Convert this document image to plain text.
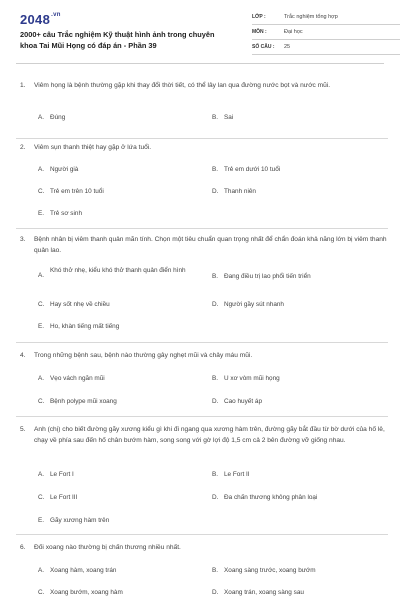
$2048^{.vn}$
2000+ câu Trắc nghiệm Kỹ thuật hình ảnh trong chuyên khoa Tai Mũi Họng có đáp án - Phần 39
LỚP :	Trắc nghiệm tổng hợp
MÔN :	Đại học
SỐ CÂU :	25
1. Viêm họng là bệnh thường gặp khi thay đổi thời tiết, có thể lây lan qua đường nước bọt và nước mũi.
A. Đúng	B. Sai
2. Viêm sụn thanh thiệt hay gặp ở lứa tuổi.
A. Người già	B. Trẻ em dưới 10 tuổi
C. Trẻ em trên 10 tuổi	D. Thanh niên
E. Trẻ sơ sinh
3. Bệnh nhân bị viêm thanh quản mãn tính. Chọn một tiêu chuẩn quan trọng nhất để chẩn đoán khả năng lớn bị viêm thanh quản lao.
A.
Khó thở nhẹ, kiểu khó thở thanh quản điển hình
B. Đang điều trị lao phổi tiến triển
C. Hay sốt nhẹ về chiều	D. Người gầy sút nhanh
E. Ho, khàn tiếng mất tiếng
4. Trong những bệnh sau, bệnh nào thường gây nghẹt mũi và chảy máu mũi.
A. Vẹo vách ngăn mũi	B. U xơ vòm mũi họng
C. Bệnh polype mũi xoang	D. Cao huyết áp
5. Anh (chị) cho biết đường gãy xương kiểu gì khi đi ngang qua xương hàm trên, đường gãy bắt đầu từ bờ dưới của hố lê, chạy về phía sau đến hố chân bướm hàm, song song với gờ lợi độ 1,5 cm cả 2 bên đường vỡ giống nhau.
A. Le Fort I	B. Le Fort II
C. Le Fort III	D. Đa chấn thương không phân loại
E. Gãy xương hàm trên
6. Đối xoang nào thường bị chấn thương nhiều nhất.
A. Xoang hàm, xoang trán	B. Xoang sàng trước, xoang bướm
C. Xoang bướm, xoang hàm	D. Xoang trán, xoang sàng sau
